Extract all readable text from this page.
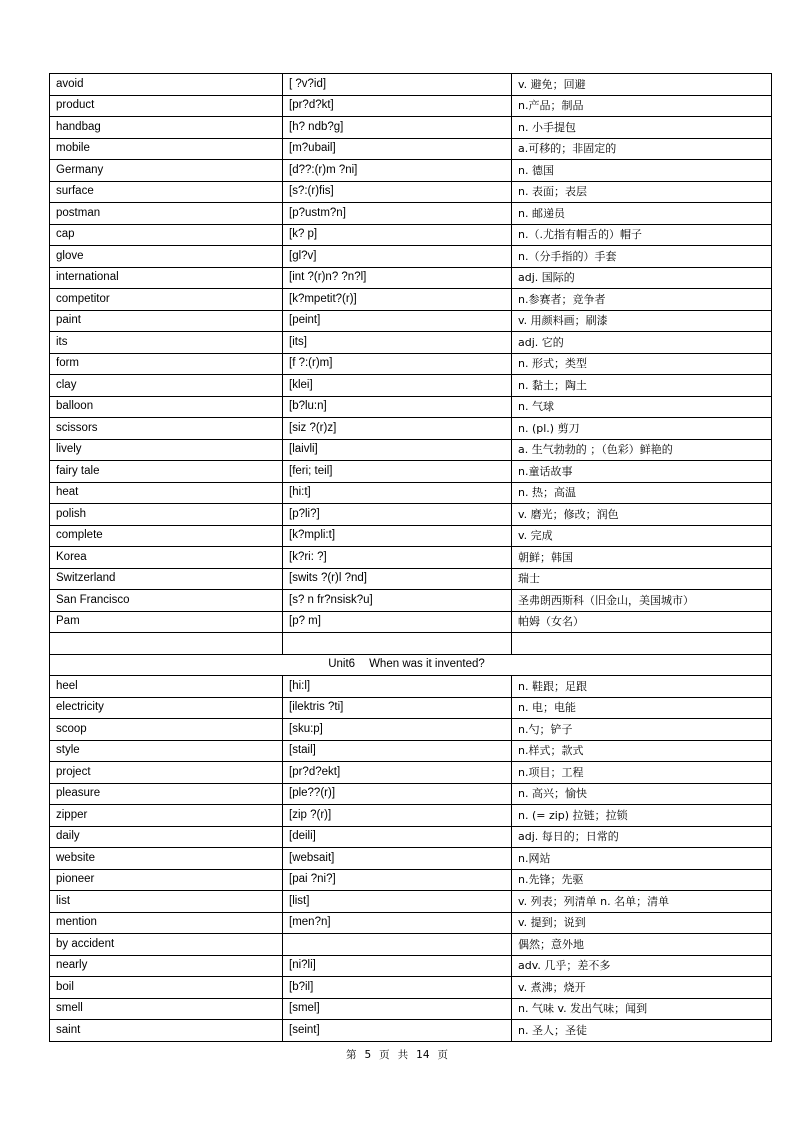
avoid	[ ?v?id]	v. 避免；回避
product	[pr?d?kt]	n.产品；制品
handbag	[h? ndb?g]	n. 小手提包
mobile	[m?ubail]	a.可移的；非固定的
Germany	[d??:(r)m ?ni]	n. 德国
surface	[s?:(r)fis]	n. 表面；表层
postman	[p?ustm?n]	n. 邮递员
cap	[k? p]	n.（.尤指有帽舌的）帽子
glove	[gl?v]	n.（分手指的）手套
international	[int ?(r)n? ?n?l]	adj. 国际的
competitor	[k?mpetit?(r)]	n.参赛者；竞争者
paint	[peint]	v. 用颜料画；刷漆
its	[its]	adj. 它的
form	[f ?:(r)m]	n. 形式；类型
clay	[klei]	n. 黏土；陶土
balloon	[b?lu:n]	n. 气球
scissors	[siz ?(r)z]	n. (pl.) 剪刀
lively	[laivli]	a. 生气勃勃的 ；（色彩）鲜艳的
fairy tale	[feri; teil]	n.童话故事
heat	[hi:t]	n. 热；高温
polish	[p?li?]	v. 磨光；修改；润色
complete	[k?mpli:t]	v. 完成
Korea	[k?ri: ?]	朝鲜；韩国
Switzerland	[swits ?(r)l ?nd]	瑞士
San Francisco	[s? n fr?nsisk?u]	圣弗朗西斯科（旧金山，美国城市）
Pam	[p? m]	帕姆（女名）

Unit6 When was it invented?		
heel	[hi:l]	n. 鞋跟；足跟
electricity	[ilektris ?ti]	n. 电；电能
scoop	[sku:p]	n.勺；铲子
style	[stail]	n.样式；款式
project	[pr?d?ekt]	n.项目；工程
pleasure	[ple??(r)]	n. 高兴；愉快
zipper	[zip ?(r)]	n. (= zip) 拉链；拉锁
daily	[deili]	adj. 每日的；日常的
website	[websait]	n.网站
pioneer	[pai ?ni?]	n.先锋；先驱
list	[list]	v. 列表；列清单 n. 名单；清单
mention	[men?n]	v. 提到；说到
by accident		偶然；意外地
nearly	[ni?li]	adv. 几乎；差不多
boil	[b?il]	v. 煮沸；烧开
smell	[smel]	n. 气味 v. 发出气味；闻到
saint	[seint]	n. 圣人；圣徒
第 5 页 共 14 页
